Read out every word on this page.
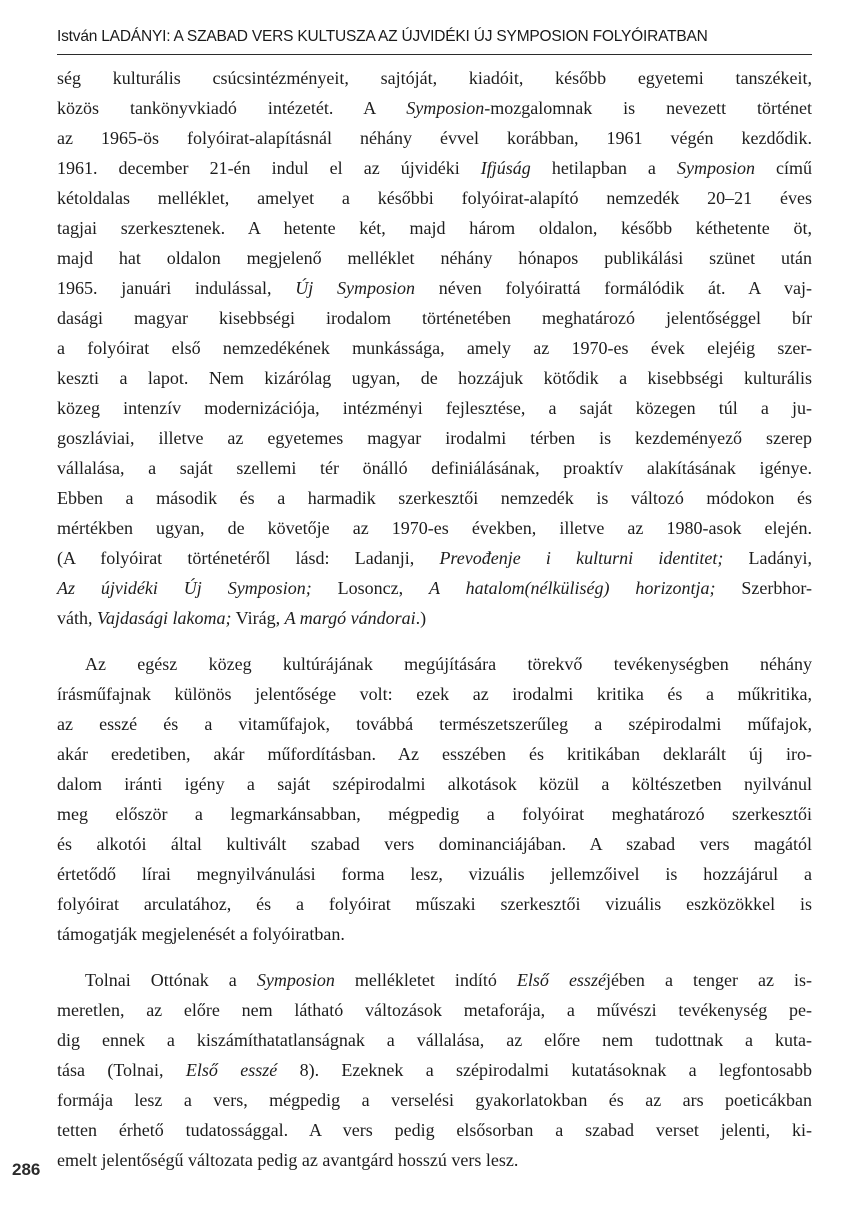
István LADÁNYI: A SZABAD VERS KULTUSZA AZ ÚJVIDÉKI ÚJ SYMPOSION FOLYÓIRATBAN

ség kulturális csúcsintézményeit, sajtóját, kiadóit, később egyetemi tanszékeit,
közös tankönyvkiadó intézetét. A Symposion-mozgalomnak is nevezett történet
az 1965-ös folyóirat-alapításnál néhány évvel korábban, 1961 végén kezdődik.
1961. december 21-én indul el az újvidéki Ifjúság hetilapban a Symposion című
kétoldalas melléklet, amelyet a későbbi folyóirat-alapító nemzedék 20–21 éves
tagjai szerkesztenek. A hetente két, majd három oldalon, később kéthetente öt,
majd hat oldalon megjelenő melléklet néhány hónapos publikálási szünet után
1965. januári indulással, Új Symposion néven folyóirattá formálódik át. A vaj-
dasági magyar kisebbségi irodalom történetében meghatározó jelentőséggel bír
a folyóirat első nemzedékének munkássága, amely az 1970-es évek elejéig szer-
keszti a lapot. Nem kizárólag ugyan, de hozzájuk kötődik a kisebbségi kulturális
közeg intenzív modernizációja, intézményi fejlesztése, a saját közegen túl a ju-
goszláviai, illetve az egyetemes magyar irodalmi térben is kezdeményező szerep
vállalása, a saját szellemi tér önálló definiálásának, proaktív alakításának igénye.
Ebben a második és a harmadik szerkesztői nemzedék is változó módokon és
mértékben ugyan, de követője az 1970-es években, illetve az 1980-asok elején.
(A folyóirat történetéről lásd: Ladanji, Prevođenje i kulturni identitet; Ladányi,
Az újvidéki Új Symposion; Losoncz, A hatalom(nélküliség) horizontja; Szerbhor-
váth, Vajdasági lakoma; Virág, A margó vándorai.)

Az egész közeg kultúrájának megújítására törekvő tevékenységben néhány
írásműfajnak különös jelentősége volt: ezek az irodalmi kritika és a műkritika,
az esszé és a vitaműfajok, továbbá természetszerűleg a szépirodalmi műfajok,
akár eredetiben, akár műfordításban. Az esszében és kritikában deklarált új iro-
dalom iránti igény a saját szépirodalmi alkotások közül a költészetben nyilvánul
meg először a legmarkánsabban, mégpedig a folyóirat meghatározó szerkesztői
és alkotói által kultivált szabad vers dominanciájában. A szabad vers magától
értetődő lírai megnyilvánulási forma lesz, vizuális jellemzőivel is hozzájárul a
folyóirat arculatához, és a folyóirat műszaki szerkesztői vizuális eszközökkel is
támogatják megjelenését a folyóiratban.

Tolnai Ottónak a Symposion mellékletet indító Első esszéjében a tenger az is-
meretlen, az előre nem látható változások metaforája, a művészi tevékenység pe-
dig ennek a kiszámíthatatlanságnak a vállalása, az előre nem tudottnak a kuta-
tása (Tolnai, Első esszé 8). Ezeknek a szépirodalmi kutatásoknak a legfontosabb
formája lesz a vers, mégpedig a verselési gyakorlatokban és az ars poeticákban
tetten érhető tudatossággal. A vers pedig elsősorban a szabad verset jelenti, ki-
emelt jelentőségű változata pedig az avantgárd hosszú vers lesz.

286
